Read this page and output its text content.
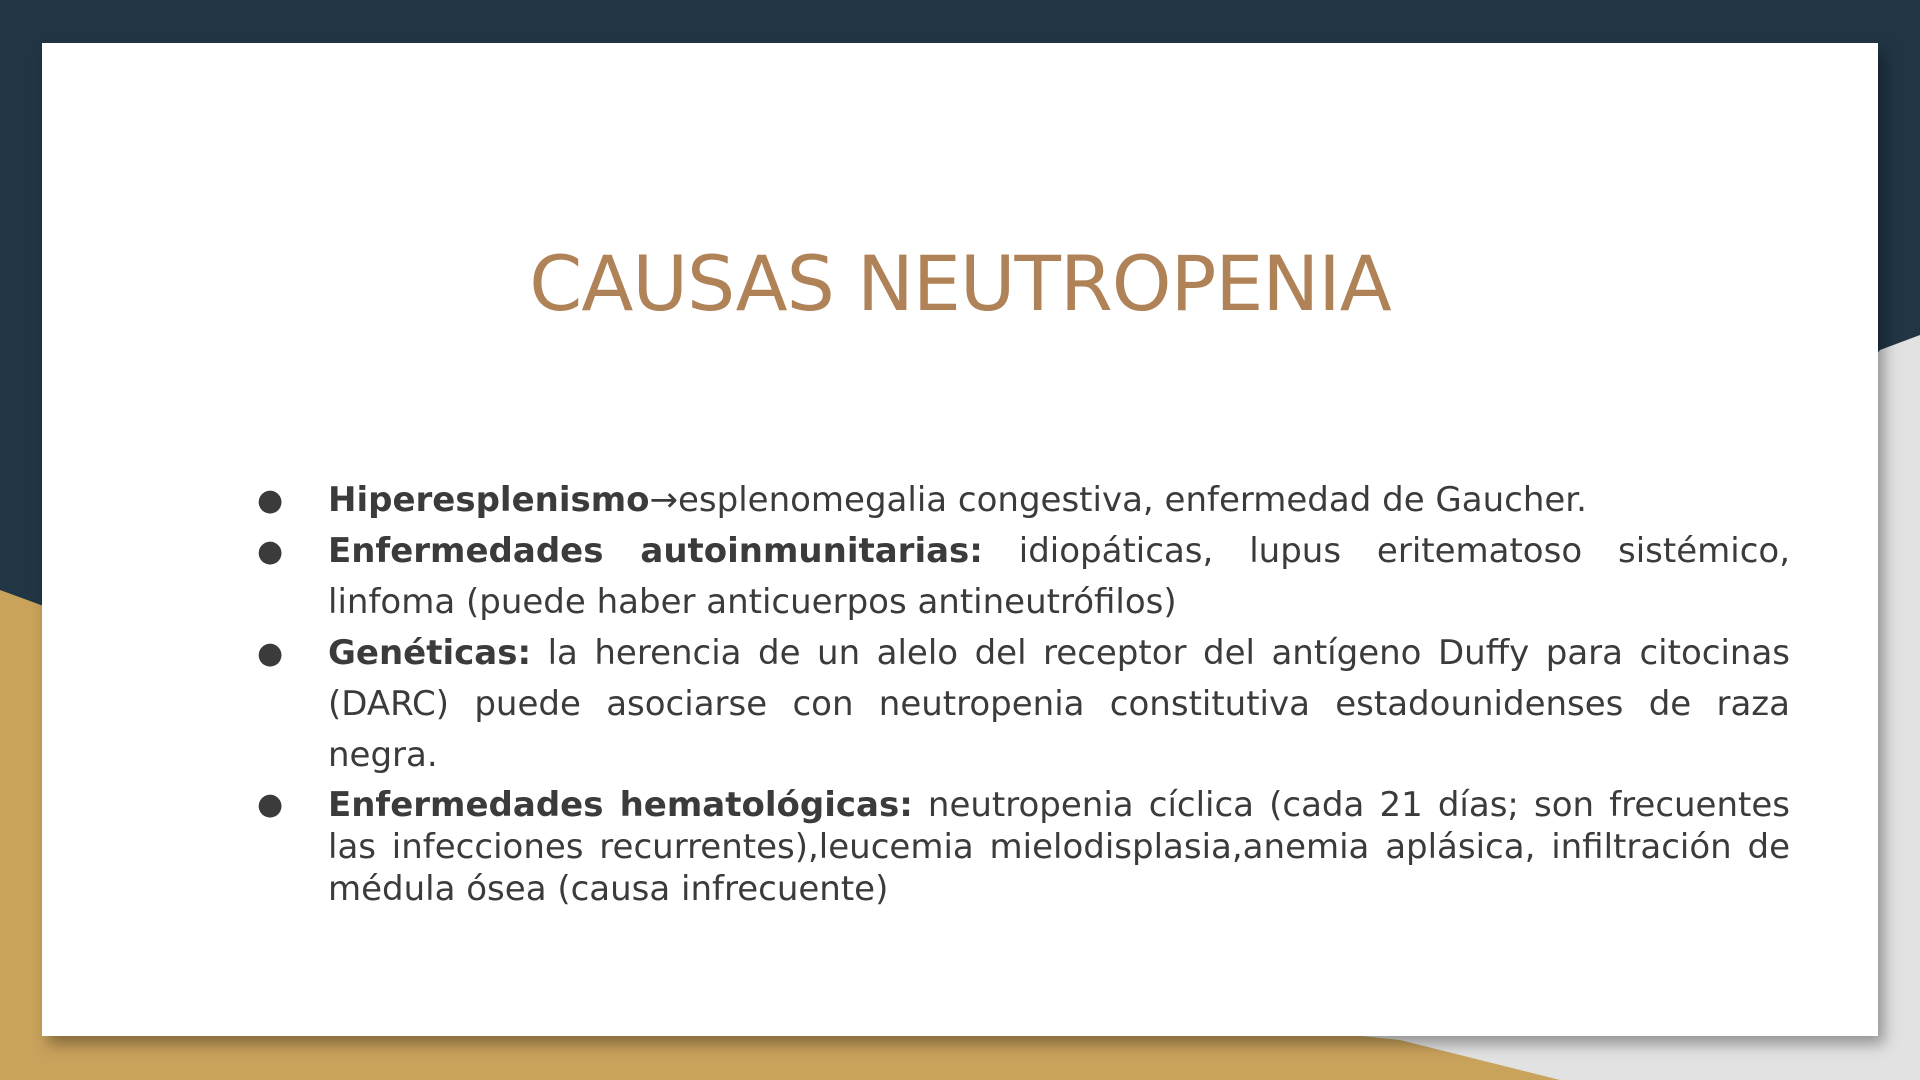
CAUSAS NEUTROPENIA
● Hiperesplenismo→esplenomegalia congestiva, enfermedad de Gaucher.
● Enfermedades autoinmunitarias: idiopáticas, lupus eritematoso sistémico, linfoma (puede haber anticuerpos antineutrófilos)
● Genéticas: la herencia de un alelo del receptor del antígeno Duffy para citocinas (DARC) puede asociarse con neutropenia constitutiva estadounidenses de raza negra.
● Enfermedades hematológicas: neutropenia cíclica (cada 21 días; son frecuentes las infecciones recurrentes),leucemia mielodisplasia,anemia aplásica, infiltración de médula ósea (causa infrecuente)
